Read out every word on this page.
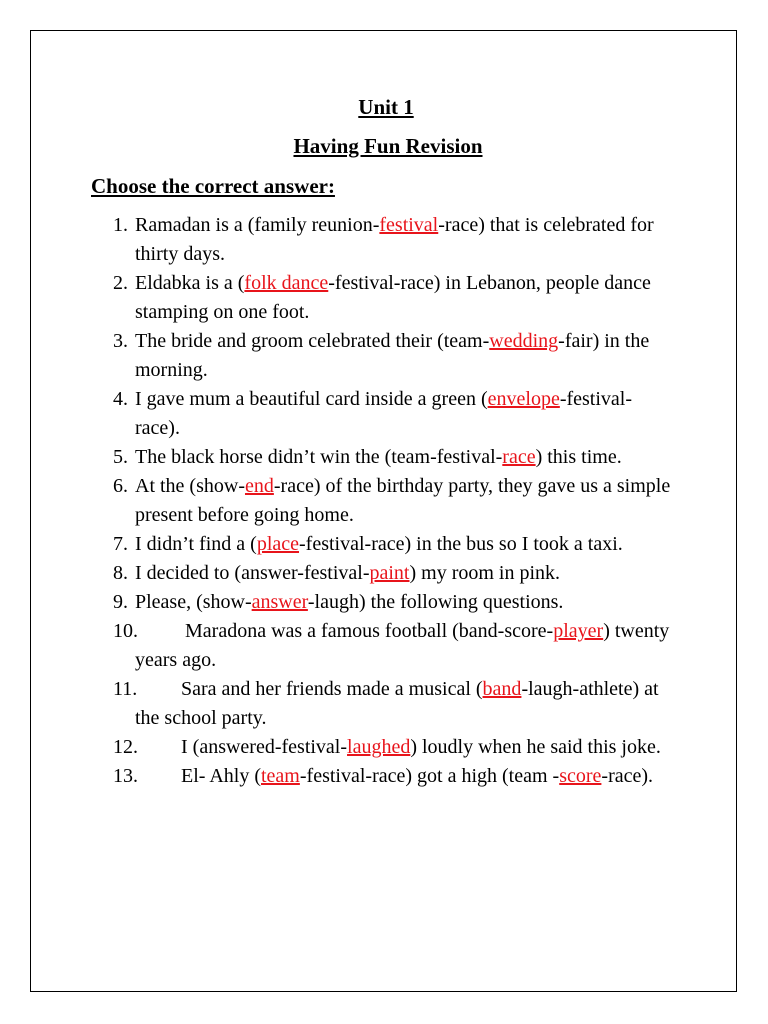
Unit 1
Having Fun Revision
Choose the correct answer:
1. Ramadan is a (family reunion-festival-race) that is celebrated for thirty days.
2. Eldabka is a (folk dance-festival-race) in Lebanon, people dance stamping on one foot.
3. The bride and groom celebrated their (team-wedding-fair) in the morning.
4. I gave mum a beautiful card inside a green (envelope-festival-race).
5. The black horse didn’t win the (team-festival-race) this time.
6. At the (show-end-race) of the birthday party, they gave us a simple present before going home.
7. I didn’t find a (place-festival-race) in the bus so I took a taxi.
8. I decided to (answer-festival-paint) my room in pink.
9. Please, (show-answer-laugh) the following questions.
10. Maradona was a famous football (band-score-player) twenty years ago.
11. Sara and her friends made a musical (band-laugh-athlete) at the school party.
12. I (answered-festival-laughed) loudly when he said this joke.
13. El- Ahly (team-festival-race) got a high (team -score-race).
